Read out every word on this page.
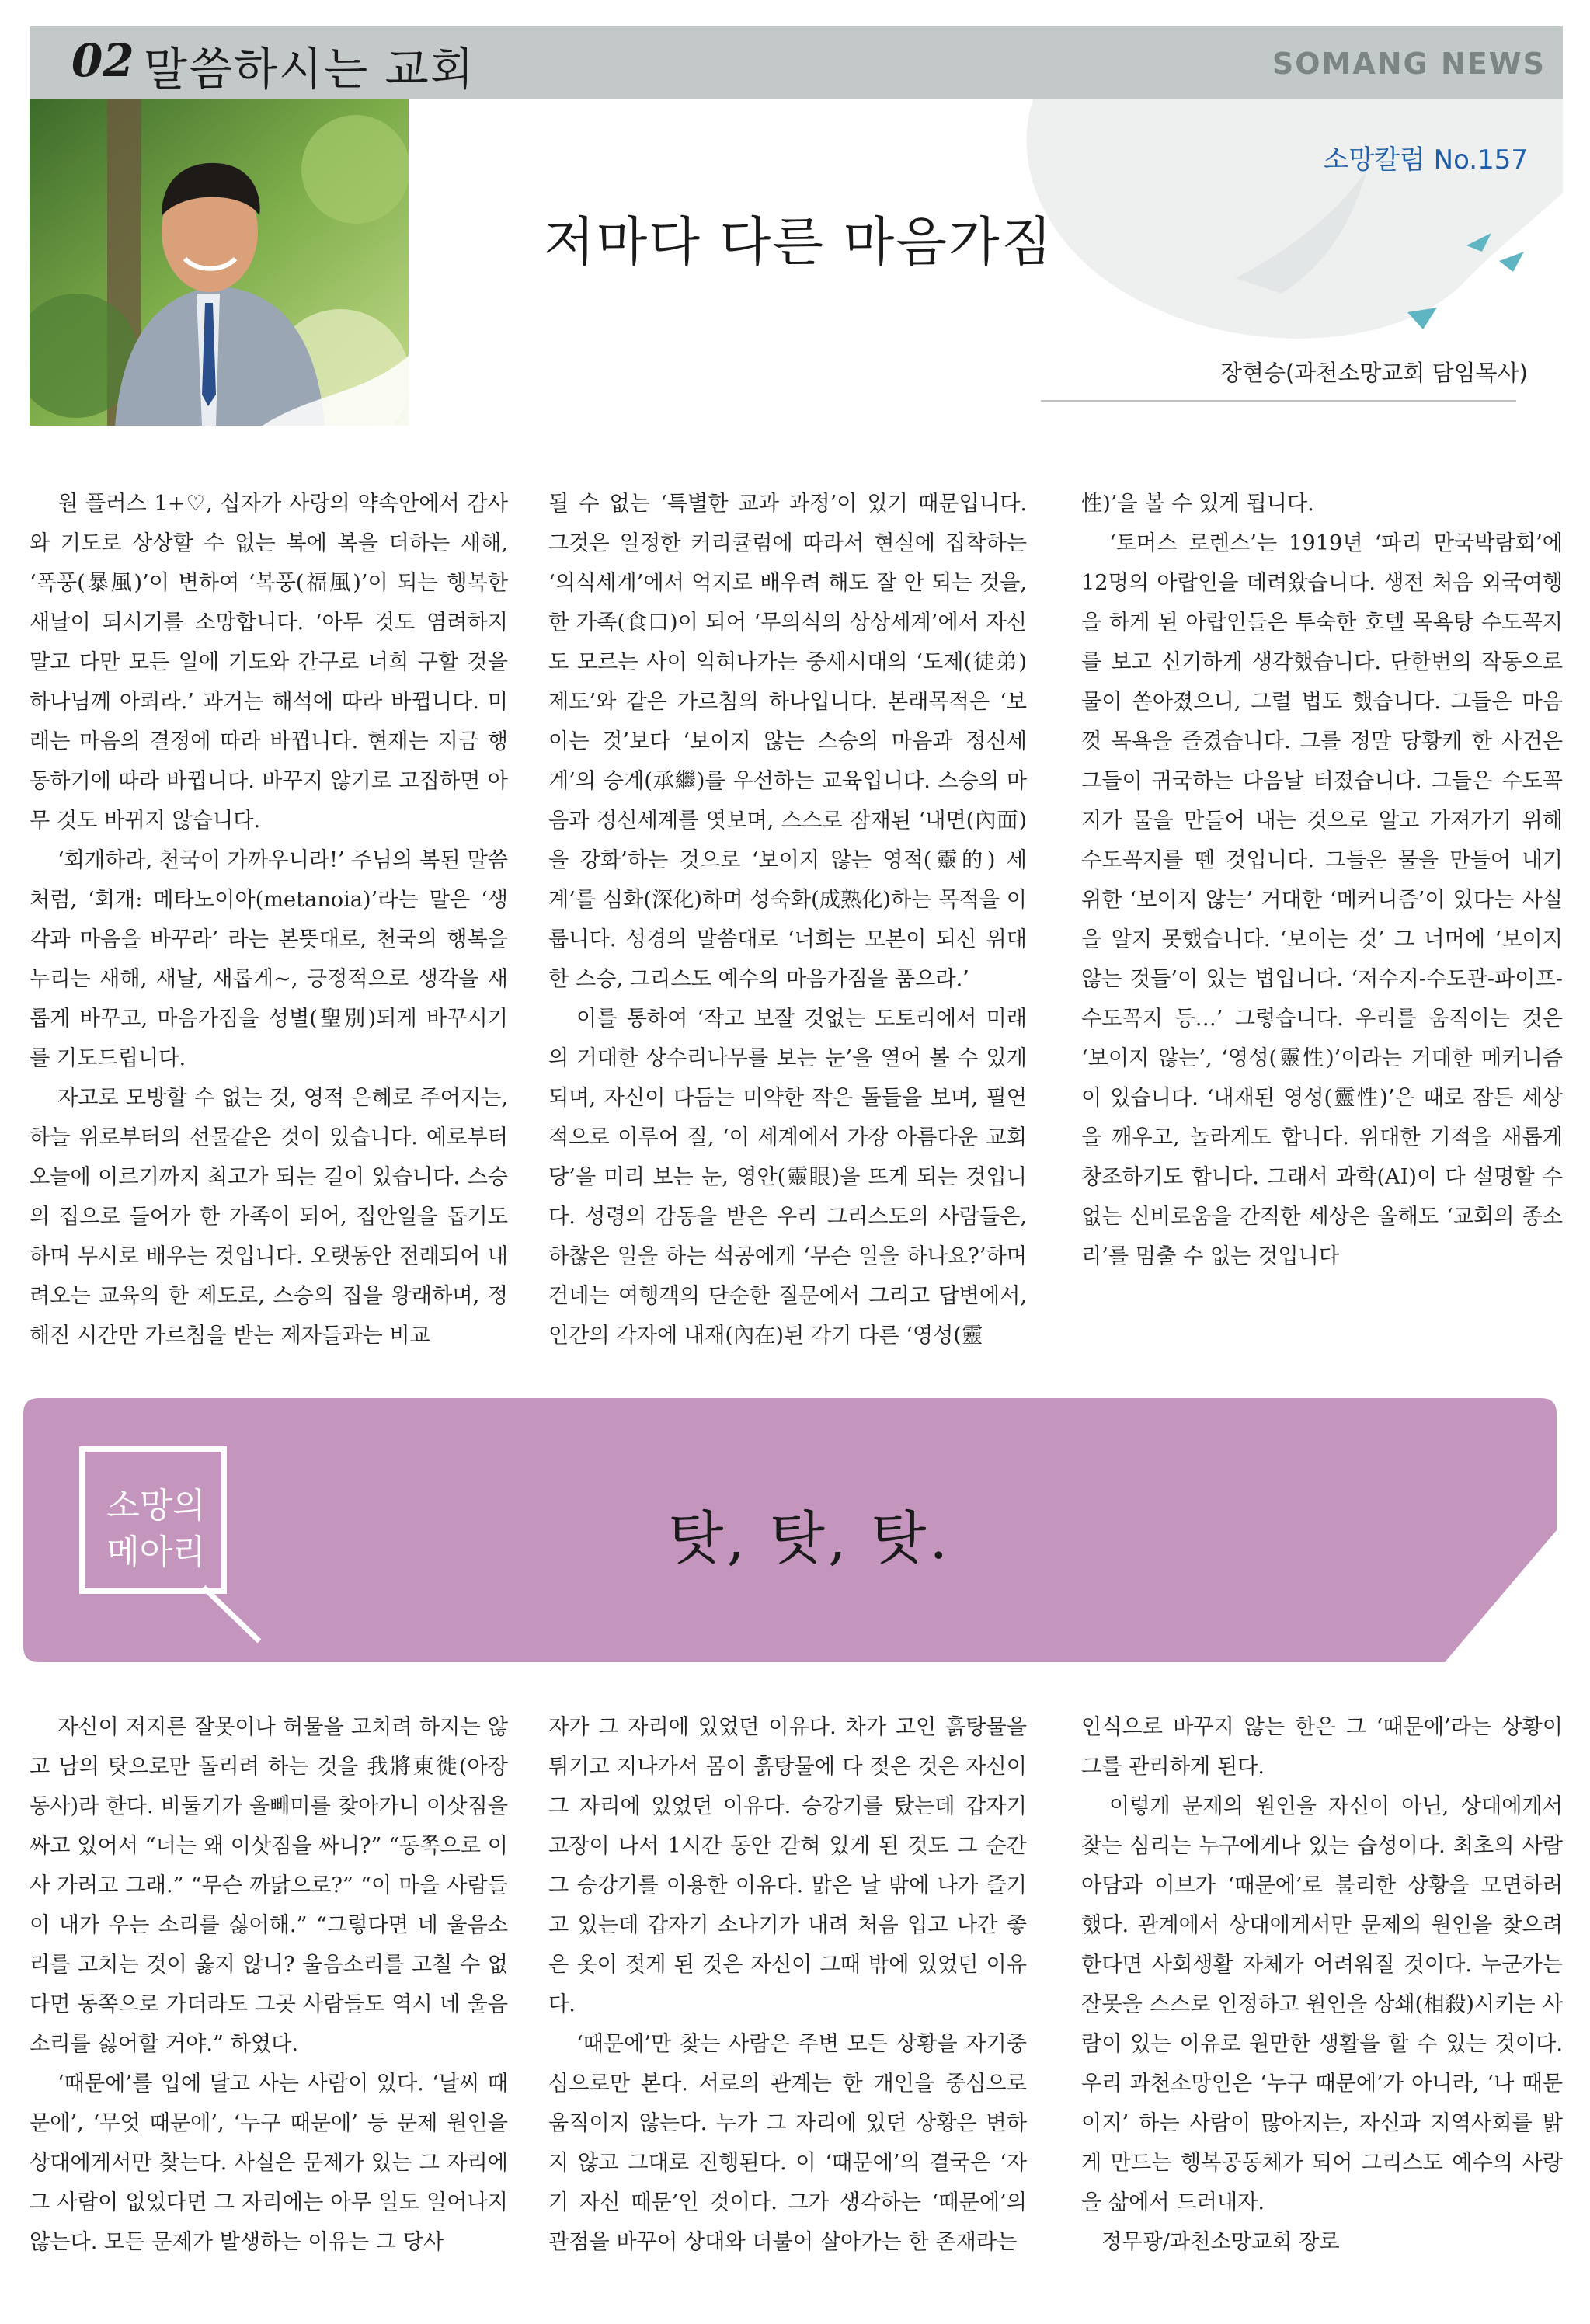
02 말씀하시는 교회	SOMANG NEWS
소망칼럼 No.157
저마다 다른 마음가짐
장현승(과천소망교회 담임목사)

원 플러스 1+♡, 십자가 사랑의 약속안에서 감사와 기도로 상상할 수 없는 복에 복을 더하는 새해, ‘폭풍(暴風)’이 변하여 ‘복풍(福風)’이 되는 행복한 새날이 되시기를 소망합니다. ‘아무 것도 염려하지 말고 다만 모든 일에 기도와 간구로 너희 구할 것을 하나님께 아뢰라.’ 과거는 해석에 따라 바뀝니다. 미래는 마음의 결정에 따라 바뀝니다. 현재는 지금 행동하기에 따라 바뀝니다. 바꾸지 않기로 고집하면 아무 것도 바뀌지 않습니다.

‘회개하라, 천국이 가까우니라!’ 주님의 복된 말씀처럼, ‘회개: 메타노이아(metanoia)’라는 말은 ‘생각과 마음을 바꾸라’ 라는 본뜻대로, 천국의 행복을 누리는 새해, 새날, 새롭게~, 긍정적으로 생각을 새롭게 바꾸고, 마음가짐을 성별(聖別)되게 바꾸시기를 기도드립니다.

자고로 모방할 수 없는 것, 영적 은혜로 주어지는, 하늘 위로부터의 선물같은 것이 있습니다. 예로부터 오늘에 이르기까지 최고가 되는 길이 있습니다. 스승의 집으로 들어가 한 가족이 되어, 집안일을 돕기도 하며 무시로 배우는 것입니다. 오랫동안 전래되어 내려오는 교육의 한 제도로, 스승의 집을 왕래하며, 정해진 시간만 가르침을 받는 제자들과는 비교

될 수 없는 ‘특별한 교과 과정’이 있기 때문입니다. 그것은 일정한 커리큘럼에 따라서 현실에 집착하는 ‘의식세계’에서 억지로 배우려 해도 잘 안 되는 것을, 한 가족(食口)이 되어 ‘무의식의 상상세계’에서 자신도 모르는 사이 익혀나가는 중세시대의 ‘도제(徒弟) 제도’와 같은 가르침의 하나입니다. 본래목적은 ‘보이는 것’보다 ‘보이지 않는 스승의 마음과 정신세계’의 승계(承繼)를 우선하는 교육입니다. 스승의 마음과 정신세계를 엿보며, 스스로 잠재된 ‘내면(內面)을 강화’하는 것으로 ‘보이지 않는 영적(靈的) 세계’를 심화(深化)하며 성숙화(成熟化)하는 목적을 이룹니다. 성경의 말씀대로 ‘너희는 모본이 되신 위대한 스승, 그리스도 예수의 마음가짐을 품으라.’

이를 통하여 ‘작고 보잘 것없는 도토리에서 미래의 거대한 상수리나무를 보는 눈’을 열어 볼 수 있게 되며, 자신이 다듬는 미약한 작은 돌들을 보며, 필연적으로 이루어 질, ‘이 세계에서 가장 아름다운 교회당’을 미리 보는 눈, 영안(靈眼)을 뜨게 되는 것입니다. 성령의 감동을 받은 우리 그리스도의 사람들은, 하찮은 일을 하는 석공에게 ‘무슨 일을 하나요?’하며 건네는 여행객의 단순한 질문에서 그리고 답변에서, 인간의 각자에 내재(內在)된 각기 다른 ‘영성(靈

性)’을 볼 수 있게 됩니다.

‘토머스 로렌스’는 1919년 ‘파리 만국박람회’에 12명의 아랍인을 데려왔습니다. 생전 처음 외국여행을 하게 된 아랍인들은 투숙한 호텔 목욕탕 수도꼭지를 보고 신기하게 생각했습니다. 단한번의 작동으로 물이 쏟아졌으니, 그럴 법도 했습니다. 그들은 마음껏 목욕을 즐겼습니다. 그를 정말 당황케 한 사건은 그들이 귀국하는 다음날 터졌습니다. 그들은 수도꼭지가 물을 만들어 내는 것으로 알고 가져가기 위해 수도꼭지를 뗀 것입니다. 그들은 물을 만들어 내기 위한 ‘보이지 않는’ 거대한 ‘메커니즘’이 있다는 사실을 알지 못했습니다. ‘보이는 것’ 그 너머에 ‘보이지 않는 것들’이 있는 법입니다. ‘저수지-수도관-파이프-수도꼭지 등…’ 그렇습니다. 우리를 움직이는 것은 ‘보이지 않는’, ‘영성(靈性)’이라는 거대한 메커니즘이 있습니다. ‘내재된 영성(靈性)’은 때로 잠든 세상을 깨우고, 놀라게도 합니다. 위대한 기적을 새롭게 창조하기도 합니다. 그래서 과학(AI)이 다 설명할 수 없는 신비로움을 간직한 세상은 올해도 ‘교회의 종소리’를 멈출 수 없는 것입니다

소망의
메아리	탓, 탓, 탓.

자신이 저지른 잘못이나 허물을 고치려 하지는 않고 남의 탓으로만 돌리려 하는 것을 我將東徙(아장동사)라 한다. 비둘기가 올빼미를 찾아가니 이삿짐을 싸고 있어서 “너는 왜 이삿짐을 싸니?” “동쪽으로 이사 가려고 그래.” “무슨 까닭으로?” “이 마을 사람들이 내가 우는 소리를 싫어해.” “그렇다면 네 울음소리를 고치는 것이 옳지 않니? 울음소리를 고칠 수 없다면 동쪽으로 가더라도 그곳 사람들도 역시 네 울음소리를 싫어할 거야.” 하였다.

‘때문에’를 입에 달고 사는 사람이 있다. ‘날씨 때문에’, ‘무엇 때문에’, ‘누구 때문에’ 등 문제 원인을 상대에게서만 찾는다. 사실은 문제가 있는 그 자리에 그 사람이 없었다면 그 자리에는 아무 일도 일어나지 않는다. 모든 문제가 발생하는 이유는 그 당사

자가 그 자리에 있었던 이유다. 차가 고인 흙탕물을 튀기고 지나가서 몸이 흙탕물에 다 젖은 것은 자신이 그 자리에 있었던 이유다. 승강기를 탔는데 갑자기 고장이 나서 1시간 동안 갇혀 있게 된 것도 그 순간 그 승강기를 이용한 이유다. 맑은 날 밖에 나가 즐기고 있는데 갑자기 소나기가 내려 처음 입고 나간 좋은 옷이 젖게 된 것은 자신이 그때 밖에 있었던 이유다.

‘때문에’만 찾는 사람은 주변 모든 상황을 자기중심으로만 본다. 서로의 관계는 한 개인을 중심으로 움직이지 않는다. 누가 그 자리에 있던 상황은 변하지 않고 그대로 진행된다. 이 ‘때문에’의 결국은 ‘자기 자신 때문’인 것이다. 그가 생각하는 ‘때문에’의 관점을 바꾸어 상대와 더불어 살아가는 한 존재라는

인식으로 바꾸지 않는 한은 그 ‘때문에’라는 상황이 그를 관리하게 된다.

이렇게 문제의 원인을 자신이 아닌, 상대에게서 찾는 심리는 누구에게나 있는 습성이다. 최초의 사람 아담과 이브가 ‘때문에’로 불리한 상황을 모면하려 했다. 관계에서 상대에게서만 문제의 원인을 찾으려 한다면 사회생활 자체가 어려워질 것이다. 누군가는 잘못을 스스로 인정하고 원인을 상쇄(相殺)시키는 사람이 있는 이유로 원만한 생활을 할 수 있는 것이다. 우리 과천소망인은 ‘누구 때문에’가 아니라, ‘나 때문이지’ 하는 사람이 많아지는, 자신과 지역사회를 밝게 만드는 행복공동체가 되어 그리스도 예수의 사랑을 삶에서 드러내자.

정무광/과천소망교회 장로
